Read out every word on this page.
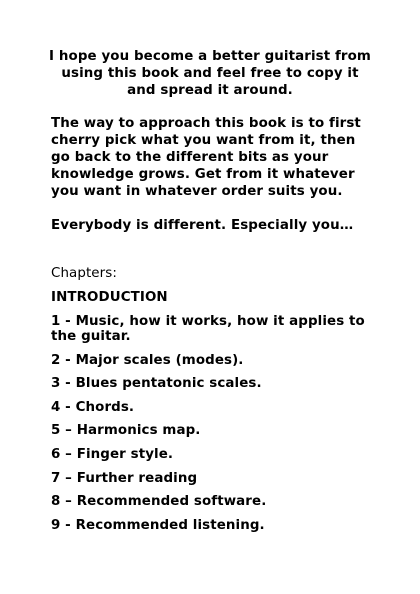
I hope you become a better guitarist from using this book and feel free to copy it and spread it around.
The way to approach this book is to first cherry pick what you want from it, then go back to the different bits as your knowledge grows. Get from it whatever you want in whatever order suits you.
Everybody is different. Especially you…
Chapters:
INTRODUCTION
1 - Music, how it works, how it applies to the guitar.
2 - Major scales (modes).
3 - Blues pentatonic scales.
4 - Chords.
5 – Harmonics map.
6 – Finger style.
7 – Further reading
8 – Recommended software.
9 - Recommended listening.
